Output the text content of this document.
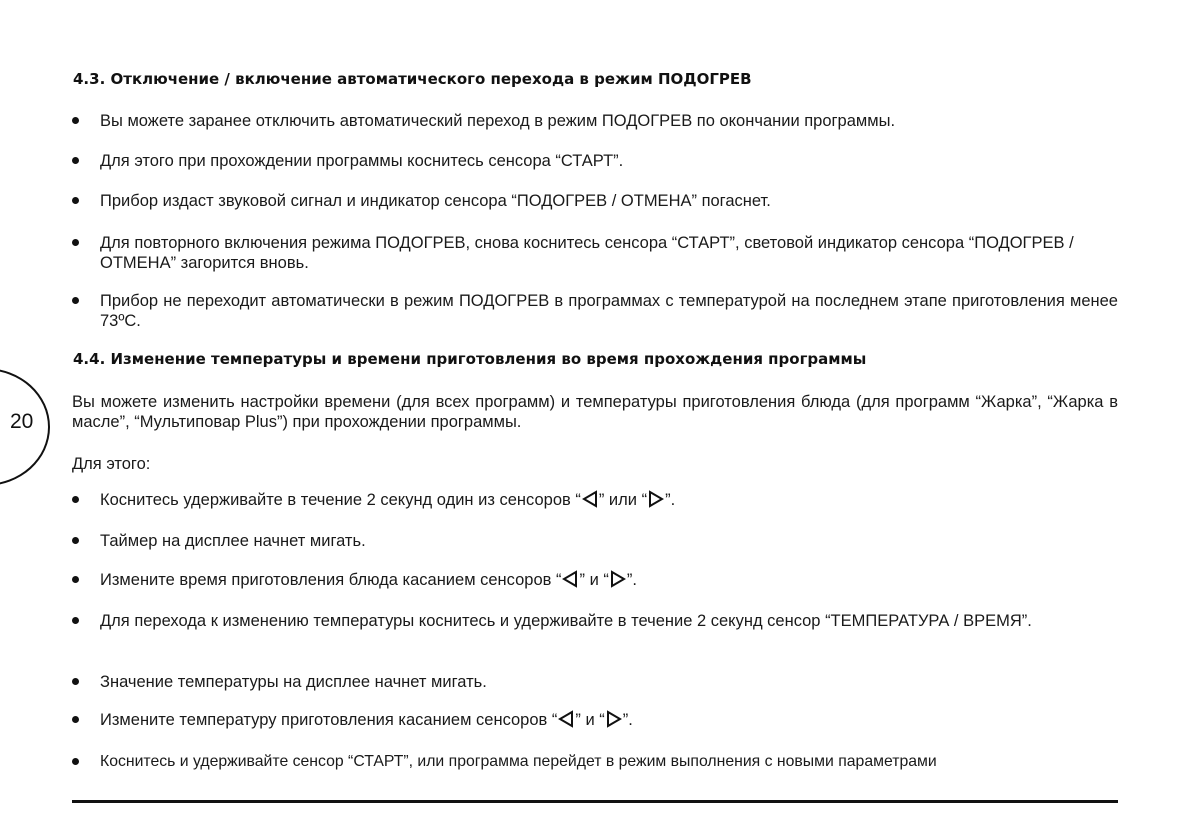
20
4.3. Отключение / включение автоматического перехода в режим ПОДОГРЕВ
Вы можете заранее отключить автоматический переход в режим ПОДОГРЕВ по окончании программы.
Для этого при прохождении программы коснитесь сенсора “СТАРТ”.
Прибор издаст звуковой сигнал и индикатор сенсора “ПОДОГРЕВ / ОТМЕНА” погаснет.
Для повторного включения режима ПОДОГРЕВ, снова коснитесь сенсора “СТАРТ”, световой индикатор сенсора “ПОДОГРЕВ / ОТМЕНА” загорится вновь.
Прибор не переходит автоматически в режим ПОДОГРЕВ в программах с температурой на последнем этапе приготовления менее 73ºС.
4.4. Изменение температуры и времени приготовления во время прохождения программы

Вы можете изменить настройки времени (для всех программ) и температуры приготовления блюда (для программ “Жарка”, “Жарка в масле”, “Мультиповар Plus”) при прохождении программы.

Для этого:

Коснитесь удерживайте в течение 2 секунд один из сенсоров “ ” или “ ”.
Таймер на дисплее начнет мигать.
Измените время приготовления блюда касанием сенсоров “ ” и “ ”.
Для перехода к изменению температуры коснитесь и удерживайте в течение 2 секунд сенсор “ТЕМПЕРАТУРА / ВРЕМЯ”.
Значение температуры на дисплее начнет мигать.
Измените температуру приготовления касанием сенсоров “ ” и “ ”.
Коснитесь и удерживайте сенсор “СТАРТ”, или программа перейдет в режим выполнения с новыми параметрами
